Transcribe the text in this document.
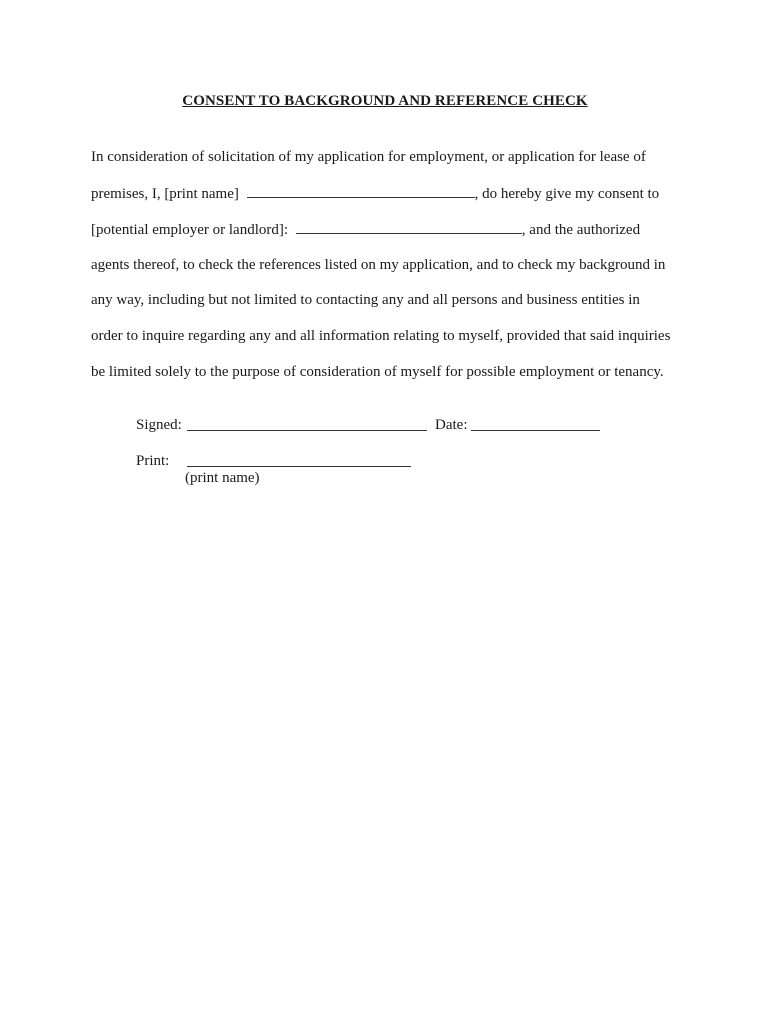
CONSENT TO BACKGROUND AND REFERENCE CHECK
In consideration of solicitation of my application for employment, or application for lease of
premises, I, [print name]	, do hereby give my consent to
[potential employer or landlord]:	, and the authorized
agents thereof, to check the references listed on my application, and to check my background in
any way, including but not limited to contacting any and all persons and business entities in
order to inquire regarding any and all information relating to myself, provided that said inquiries
be limited solely to the purpose of consideration of myself for possible employment or tenancy.
Signed:	Date:
Print:
(print name)
